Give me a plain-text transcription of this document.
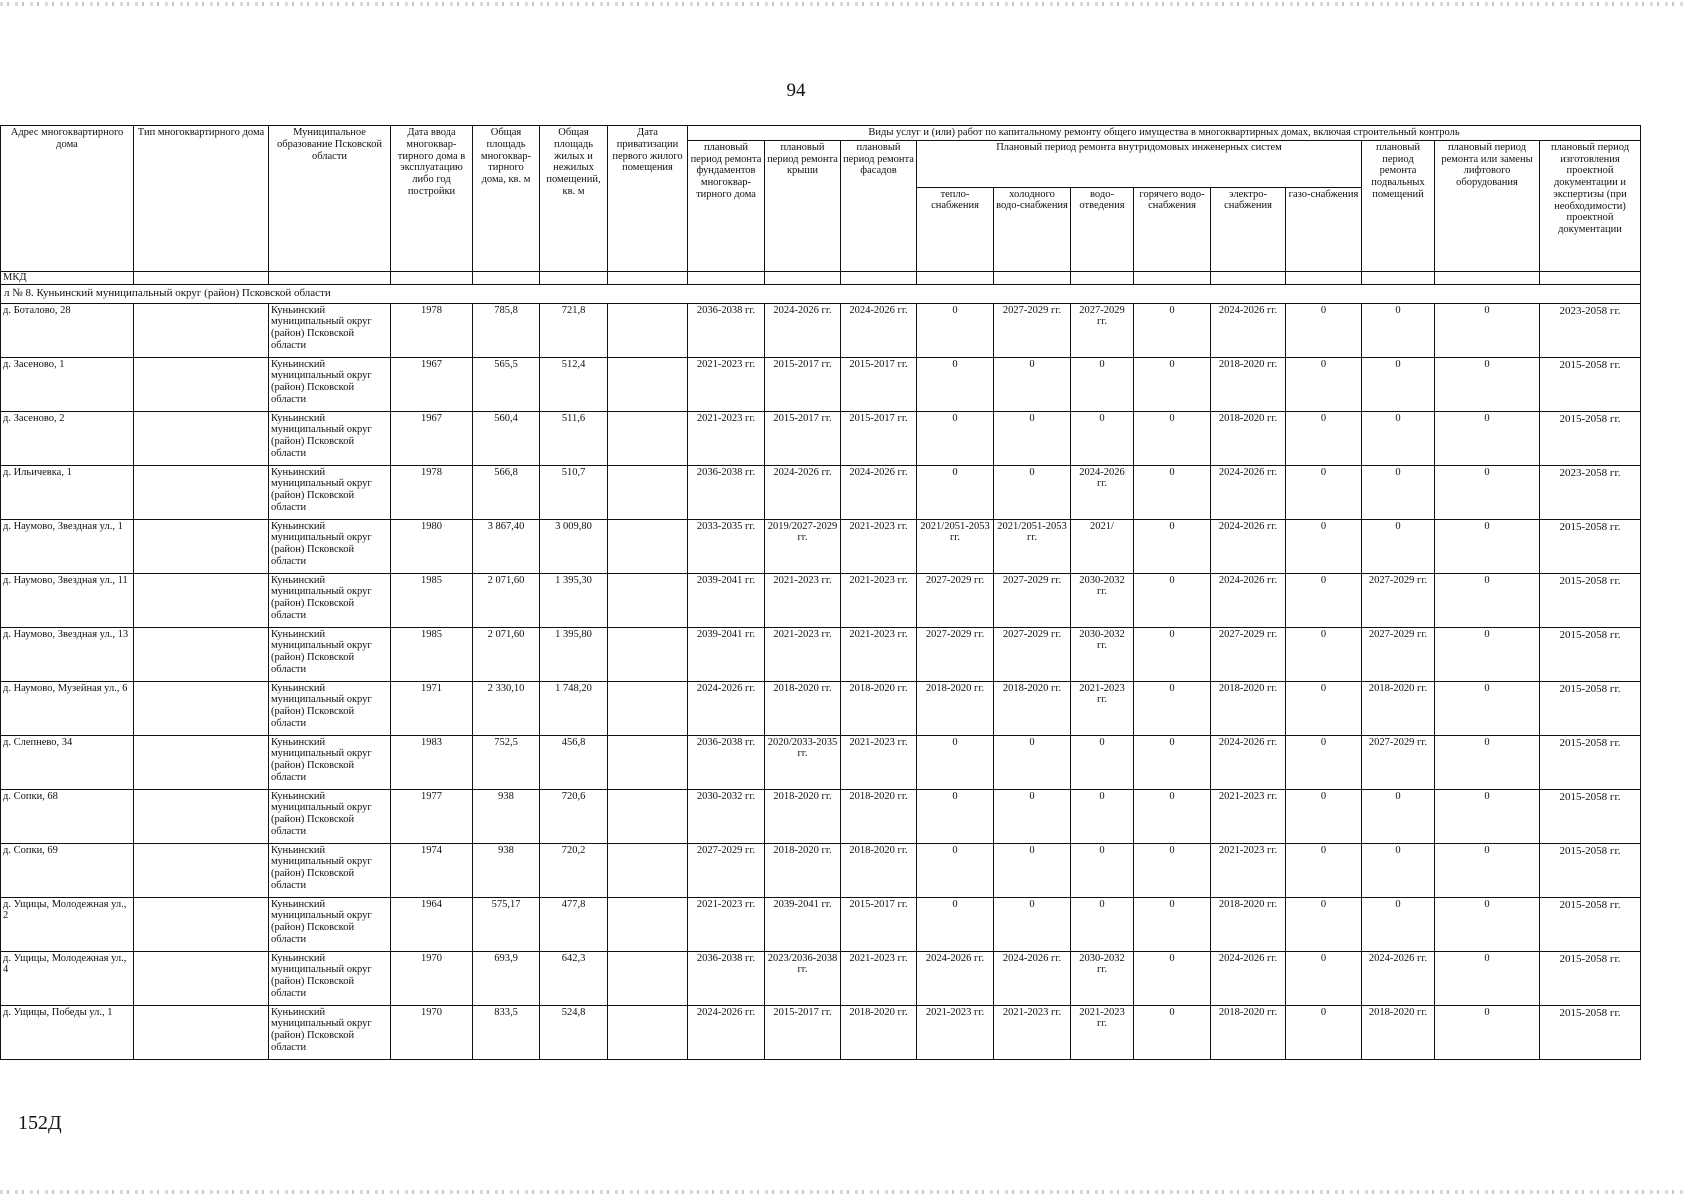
94
Адрес многоквартирного дома	Тип многоквартирного дома	Муниципальное образование Псковской области	Дата ввода многоквар-тирного дома в эксплуатацию либо год постройки	Общая площадь многоквар-тирного дома, кв. м	Общая площадь жилых и нежилых помещений, кв. м	Дата приватизации первого жилого помещения	Виды услуг и (или) работ по капитальному ремонту общего имущества в многоквартирных домах, включая строительный контроль											
							плановый период ремонта фундаментов многоквар-тирного дома	плановый период ремонта крыши	плановый период ремонта фасадов	Плановый период ремонта внутридомовых инженерных систем						плановый период ремонта подвальных помещений	плановый период ремонта или замены лифтового оборудования	плановый период изготовления проектной документации и экспертизы (при необходимости) проектной документации
										тепло-снабжения	холодного водо-снабжения	водо-отведения	горячего водо-снабжения	электро-снабжения	газо-снабжения			
МКД																		
л № 8. Куньинский муниципальный округ (район) Псковской области																		
д. Боталово, 28		Куньинский муниципальный округ (район) Псковской области	1978	785,8	721,8		2036-2038 гг.	2024-2026 гг.	2024-2026 гг.	0	2027-2029 гг.	2027-2029 гг.	0	2024-2026 гг.	0	0	0	2023-2058 гг.
д. Засеново, 1		Куньинский муниципальный округ (район) Псковской области	1967	565,5	512,4		2021-2023 гг.	2015-2017 гг.	2015-2017 гг.	0	0	0	0	2018-2020 гг.	0	0	0	2015-2058 гг.
д. Засеново, 2		Куньинский муниципальный округ (район) Псковской области	1967	560,4	511,6		2021-2023 гг.	2015-2017 гг.	2015-2017 гг.	0	0	0	0	2018-2020 гг.	0	0	0	2015-2058 гг.
д. Ильичевка, 1		Куньинский муниципальный округ (район) Псковской области	1978	566,8	510,7		2036-2038 гг.	2024-2026 гг.	2024-2026 гг.	0	0	2024-2026 гг.	0	2024-2026 гг.	0	0	0	2023-2058 гг.
д. Наумово, Звездная ул., 1		Куньинский муниципальный округ (район) Псковской области	1980	3 867,40	3 009,80		2033-2035 гг.	2019/2027-2029 гг.	2021-2023 гг.	2021/2051-2053 гг.	2021/2051-2053 гг.	2021/	0	2024-2026 гг.	0	0	0	2015-2058 гг.
д. Наумово, Звездная ул., 11		Куньинский муниципальный округ (район) Псковской области	1985	2 071,60	1 395,30		2039-2041 гг.	2021-2023 гг.	2021-2023 гг.	2027-2029 гг.	2027-2029 гг.	2030-2032 гг.	0	2024-2026 гг.	0	2027-2029 гг.	0	2015-2058 гг.
д. Наумово, Звездная ул., 13		Куньинский муниципальный округ (район) Псковской области	1985	2 071,60	1 395,80		2039-2041 гг.	2021-2023 гг.	2021-2023 гг.	2027-2029 гг.	2027-2029 гг.	2030-2032 гг.	0	2027-2029 гг.	0	2027-2029 гг.	0	2015-2058 гг.
д. Наумово, Музейная ул., 6		Куньинский муниципальный округ (район) Псковской области	1971	2 330,10	1 748,20		2024-2026 гг.	2018-2020 гг.	2018-2020 гг.	2018-2020 гг.	2018-2020 гг.	2021-2023 гг.	0	2018-2020 гг.	0	2018-2020 гг.	0	2015-2058 гг.
д. Слепнево, 34		Куньинский муниципальный округ (район) Псковской области	1983	752,5	456,8		2036-2038 гг.	2020/2033-2035 гг.	2021-2023 гг.	0	0	0	0	2024-2026 гг.	0	2027-2029 гг.	0	2015-2058 гг.
д. Сопки, 68		Куньинский муниципальный округ (район) Псковской области	1977	938	720,6		2030-2032 гг.	2018-2020 гг.	2018-2020 гг.	0	0	0	0	2021-2023 гг.	0	0	0	2015-2058 гг.
д. Сопки, 69		Куньинский муниципальный округ (район) Псковской области	1974	938	720,2		2027-2029 гг.	2018-2020 гг.	2018-2020 гг.	0	0	0	0	2021-2023 гг.	0	0	0	2015-2058 гг.
д. Ущицы, Молодежная ул., 2		Куньинский муниципальный округ (район) Псковской области	1964	575,17	477,8		2021-2023 гг.	2039-2041 гг.	2015-2017 гг.	0	0	0	0	2018-2020 гг.	0	0	0	2015-2058 гг.
д. Ущицы, Молодежная ул., 4		Куньинский муниципальный округ (район) Псковской области	1970	693,9	642,3		2036-2038 гг.	2023/2036-2038 гг.	2021-2023 гг.	2024-2026 гг.	2024-2026 гг.	2030-2032 гг.	0	2024-2026 гг.	0	2024-2026 гг.	0	2015-2058 гг.
д. Ущицы, Победы ул., 1		Куньинский муниципальный округ (район) Псковской области	1970	833,5	524,8		2024-2026 гг.	2015-2017 гг.	2018-2020 гг.	2021-2023 гг.	2021-2023 гг.	2021-2023 гг.	0	2018-2020 гг.	0	2018-2020 гг.	0	2015-2058 гг.
152Д
